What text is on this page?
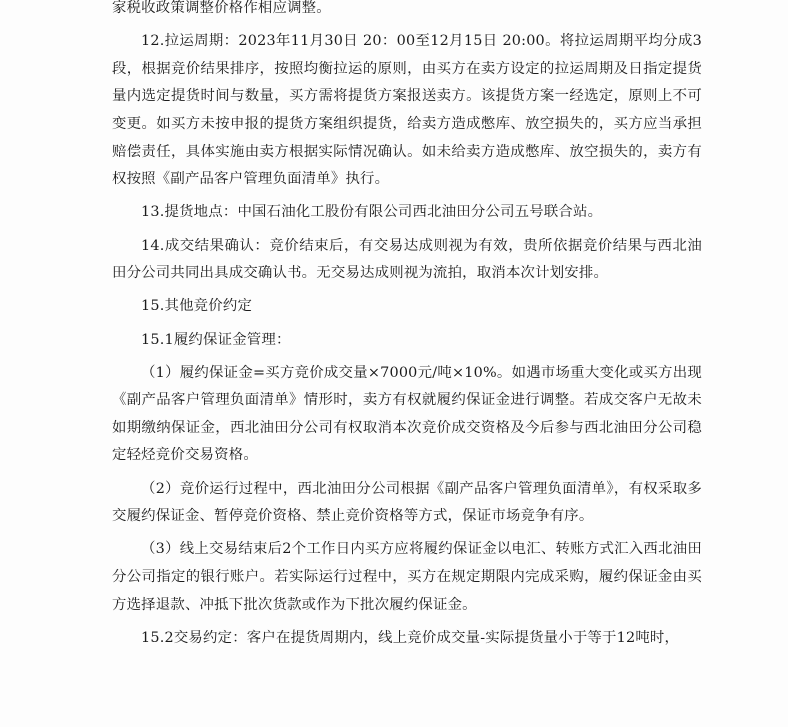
家税收政策调整价格作相应调整。

12.拉运周期：2023年11月30日 20：00至12月15日 20:00。将拉运周期平均分成3段，根据竞价结果排序，按照均衡拉运的原则，由买方在卖方设定的拉运周期及日指定提货量内选定提货时间与数量，买方需将提货方案报送卖方。该提货方案一经选定，原则上不可变更。如买方未按申报的提货方案组织提货，给卖方造成憋库、放空损失的，买方应当承担赔偿责任，具体实施由卖方根据实际情况确认。如未给卖方造成憋库、放空损失的，卖方有权按照《副产品客户管理负面清单》执行。

13.提货地点：中国石油化工股份有限公司西北油田分公司五号联合站。

14.成交结果确认：竞价结束后，有交易达成则视为有效，贵所依据竞价结果与西北油田分公司共同出具成交确认书。无交易达成则视为流拍，取消本次计划安排。

15.其他竞价约定

15.1履约保证金管理：

（1）履约保证金=买方竞价成交量×7000元/吨×10%。如遇市场重大变化或买方出现《副产品客户管理负面清单》情形时，卖方有权就履约保证金进行调整。若成交客户无故未如期缴纳保证金，西北油田分公司有权取消本次竞价成交资格及今后参与西北油田分公司稳定轻烃竞价交易资格。

（2）竞价运行过程中，西北油田分公司根据《副产品客户管理负面清单》，有权采取多交履约保证金、暂停竞价资格、禁止竞价资格等方式，保证市场竞争有序。

（3）线上交易结束后2个工作日内买方应将履约保证金以电汇、转账方式汇入西北油田分公司指定的银行账户。若实际运行过程中，买方在规定期限内完成采购，履约保证金由买方选择退款、冲抵下批次货款或作为下批次履约保证金。

15.2交易约定：客户在提货周期内，线上竞价成交量-实际提货量小于等于12吨时，
